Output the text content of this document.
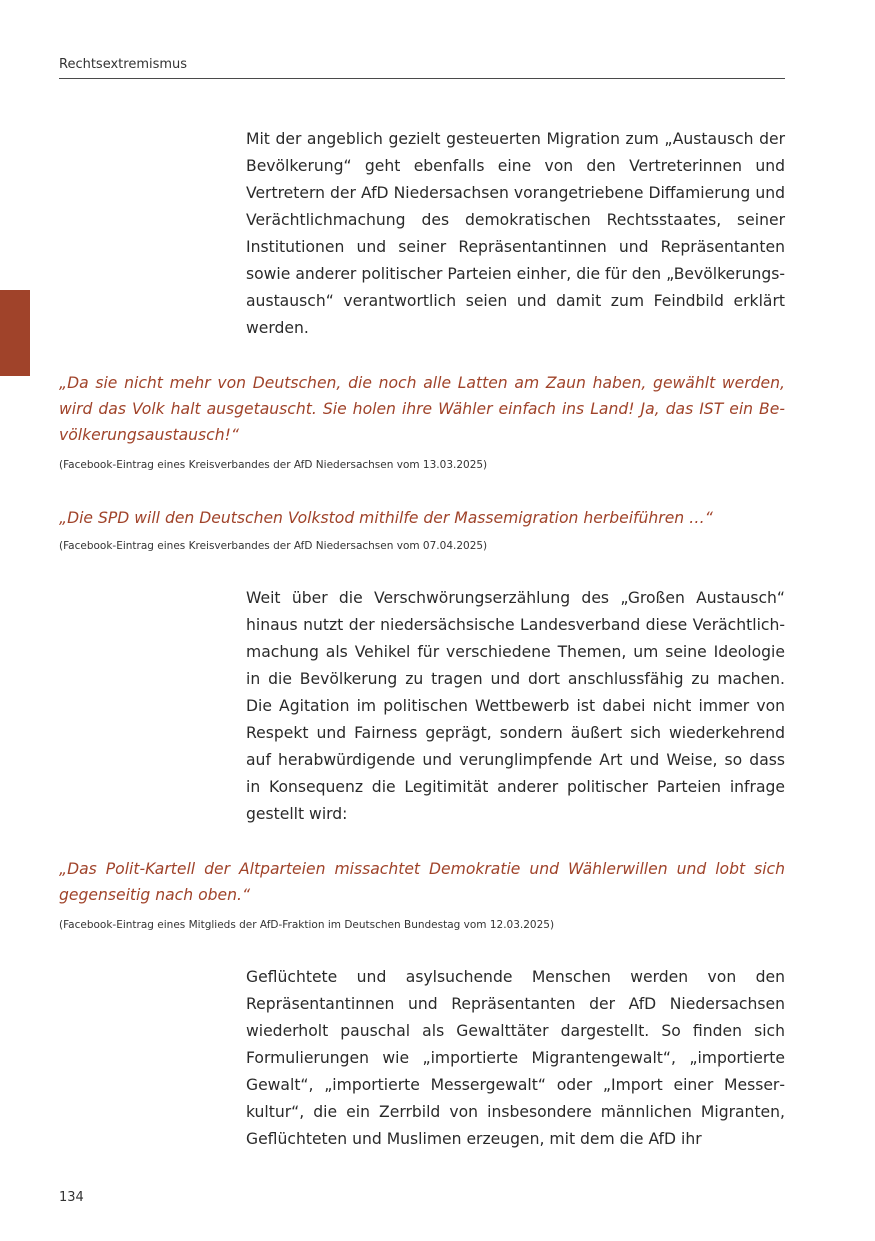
Rechtsextremismus

Mit der angeblich gezielt gesteuerten Migration zum „Austausch der Bevölkerung“ geht ebenfalls eine von den Vertreterinnen und Vertretern der AfD Niedersachsen vorangetriebene Diffamierung und Verächtlichmachung des demokratischen Rechtsstaates, seiner Institutionen und seiner Repräsentantinnen und Repräsentanten sowie anderer politischer Parteien einher, die für den „Bevölkerungsaustausch“ verantwortlich seien und damit zum Feindbild erklärt werden.

„Da sie nicht mehr von Deutschen, die noch alle Latten am Zaun haben, gewählt werden, wird das Volk halt ausgetauscht. Sie holen ihre Wähler einfach ins Land! Ja, das IST ein Bevölkerungsaustausch!“

(Facebook-Eintrag eines Kreisverbandes der AfD Niedersachsen vom 13.03.2025)

„Die SPD will den Deutschen Volkstod mithilfe der Massemigration herbeiführen …“

(Facebook-Eintrag eines Kreisverbandes der AfD Niedersachsen vom 07.04.2025)

Weit über die Verschwörungserzählung des „Großen Austausch“ hinaus nutzt der niedersächsische Landesverband diese Verächtlichmachung als Vehikel für verschiedene Themen, um seine Ideologie in die Bevölkerung zu tragen und dort anschlussfähig zu machen. Die Agitation im politischen Wettbewerb ist dabei nicht immer von Respekt und Fairness geprägt, sondern äußert sich wiederkehrend auf herabwürdigende und verunglimpfende Art und Weise, so dass in Konsequenz die Legitimität anderer politischer Parteien infrage gestellt wird:

„Das Polit-Kartell der Altparteien missachtet Demokratie und Wählerwillen und lobt sich gegenseitig nach oben.“

(Facebook-Eintrag eines Mitglieds der AfD-Fraktion im Deutschen Bundestag vom 12.03.2025)

Geflüchtete und asylsuchende Menschen werden von den Repräsentantinnen und Repräsentanten der AfD Niedersachsen wiederholt pauschal als Gewalttäter dargestellt. So finden sich Formulierungen wie „importierte Migrantengewalt“, „importierte Gewalt“, „importierte Messergewalt“ oder „Import einer Messerkultur“, die ein Zerrbild von insbesondere männlichen Migranten, Geflüchteten und Muslimen erzeugen, mit dem die AfD ihr

134
